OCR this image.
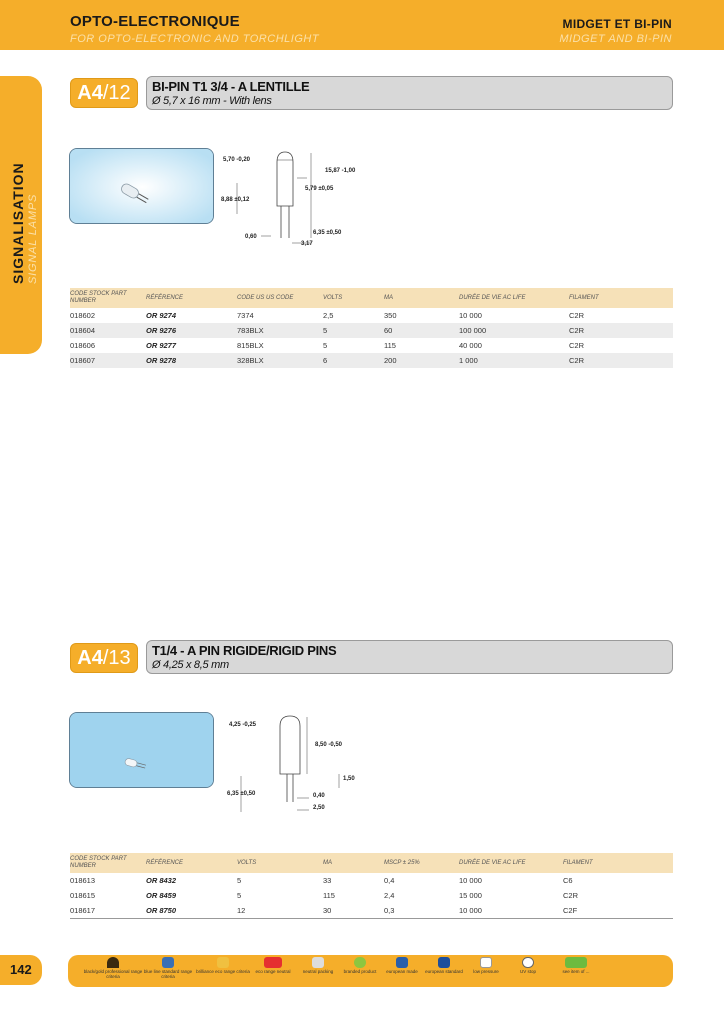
OPTO-ELECTRONIQUE
FOR OPTO-ELECTRONIC AND TORCHLIGHT
MIDGET ET BI-PIN
MIDGET AND BI-PIN
SIGNALISATION SIGNAL LAMPS
A4 /12 BI-PIN T1 3/4 - A LENTILLE
Ø 5,7 x 16 mm - With lens
5,70 -0,20
15,87 -1,00
5,79 ±0,05
8,88 ±0,12
0,60
6,35 ±0,50
3,17
CODE STOCK PART NUMBER	RÉFÉRENCE	CODE US US CODE	VOLTS	MA	DURÉE DE VIE AC LIFE	FILAMENT
018602	OR 9274	7374	2,5	350	10 000	C2R
018604	OR 9276	783BLX	5	60	100 000	C2R
018606	OR 9277	815BLX	5	115	40 000	C2R
018607	OR 9278	328BLX	6	200	1 000	C2R
A4 /13 T1/4 - A PIN RIGIDE/RIGID PINS
Ø 4,25 x 8,5 mm
4,25 -0,25
8,50 -0,50
1,50
6,35 ±0,50	0,40
2,50
CODE STOCK PART NUMBER	RÉFÉRENCE	VOLTS	MA	MSCP ± 25%	DURÉE DE VIE AC LIFE	FILAMENT
018613	OR 8432	5	33	0,4	10 000	C6
018615	OR 8459	5	115	2,4	15 000	C2R
018617	OR 8750	12	30	0,3	10 000	C2F
142	black/gold professional range criteria
blue line standard range criteria
brilliance eco range criteria eco range neutral	neutral packing branded product european made european standard low pressure	UV stop	see item of ...
